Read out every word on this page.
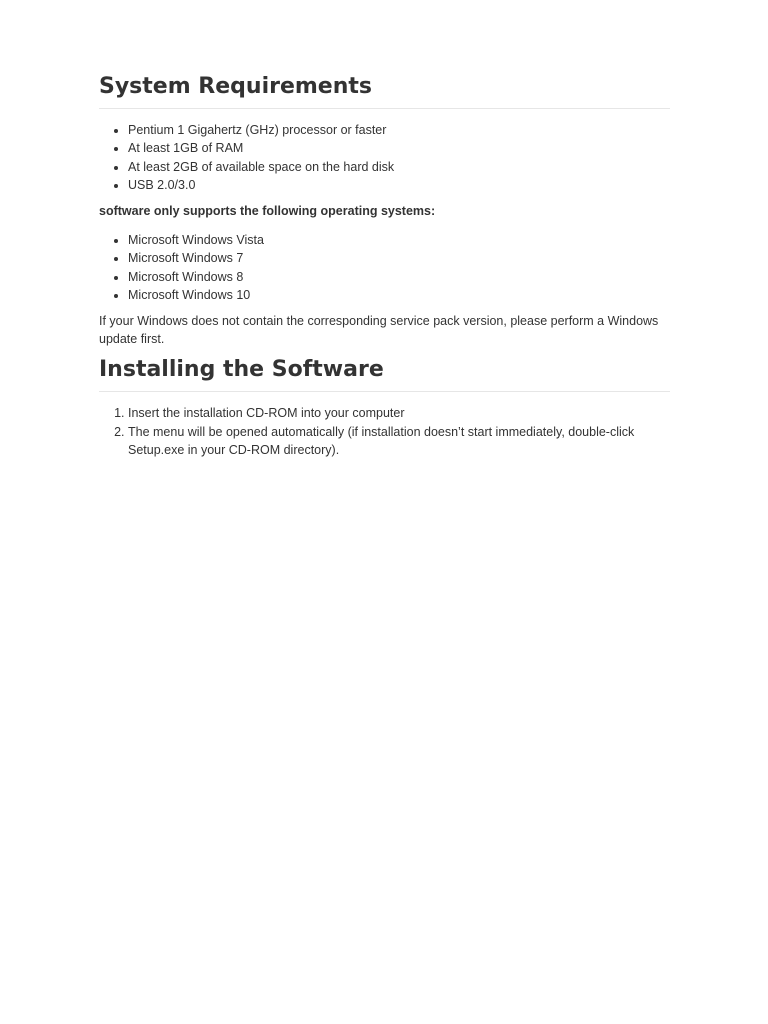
System Requirements
• Pentium 1 Gigahertz (GHz) processor or faster
• At least 1GB of RAM
• At least 2GB of available space on the hard disk
• USB 2.0/3.0

software only supports the following operating systems:

• Microsoft Windows Vista
• Microsoft Windows 7
• Microsoft Windows 8
• Microsoft Windows 10

If your Windows does not contain the corresponding service pack version, please perform a Windows update first.

Installing the Software
1. Insert the installation CD-ROM into your computer
2. The menu will be opened automatically (if installation doesn’t start immediately, double-click Setup.exe in your CD-ROM directory).
